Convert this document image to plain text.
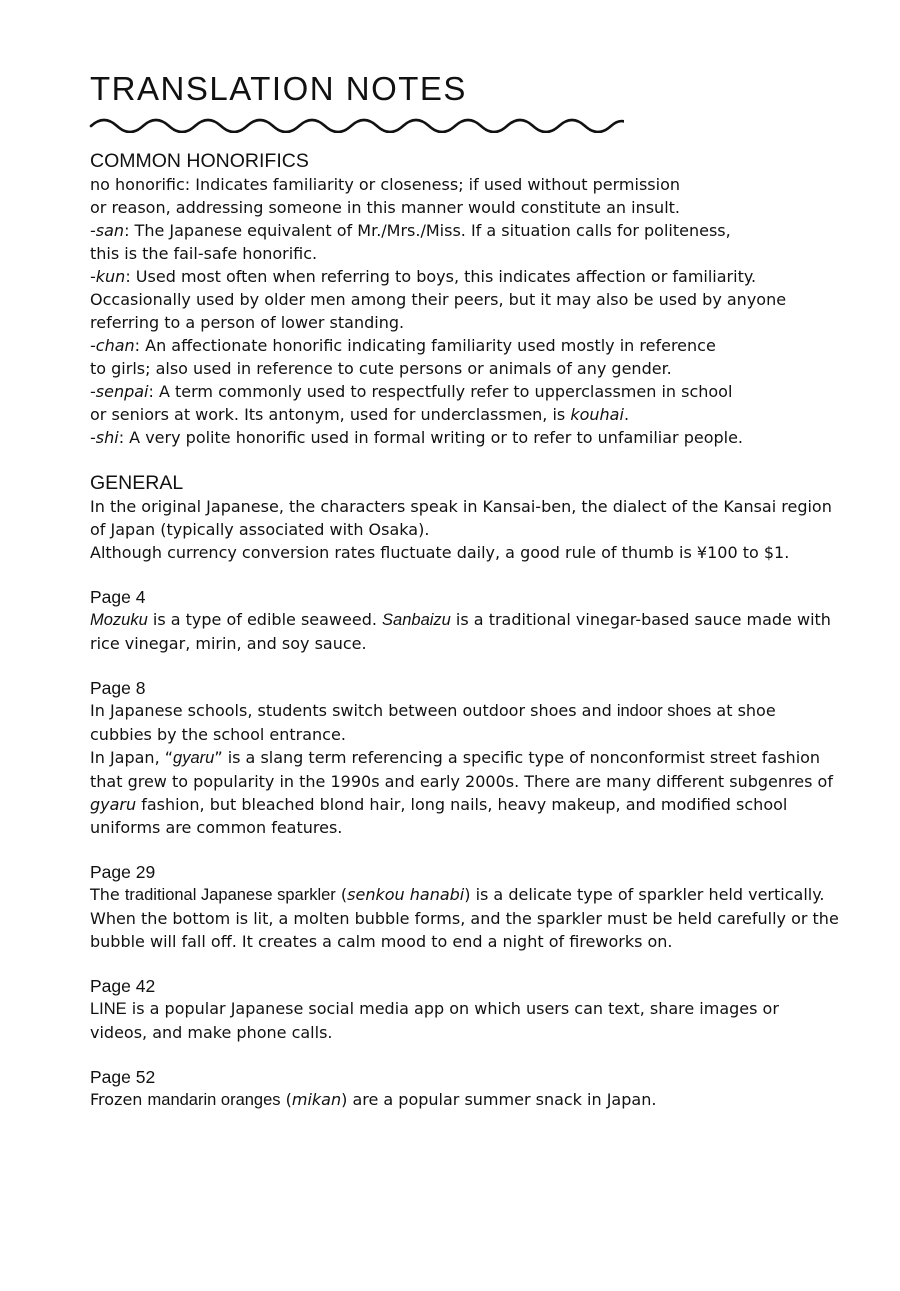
TRANSLATION NOTES
COMMON HONORIFICS

no honorific: Indicates familiarity or closeness; if used without permission

or reason, addressing someone in this manner would constitute an insult.

-san: The Japanese equivalent of Mr./Mrs./Miss. If a situation calls for politeness,

this is the fail-safe honorific.

-kun: Used most often when referring to boys, this indicates affection or familiarity.

Occasionally used by older men among their peers, but it may also be used by anyone

referring to a person of lower standing.

-chan: An affectionate honorific indicating familiarity used mostly in reference

to girls; also used in reference to cute persons or animals of any gender.

-senpai: A term commonly used to respectfully refer to upperclassmen in school

or seniors at work. Its antonym, used for underclassmen, is kouhai.

-shi: A very polite honorific used in formal writing or to refer to unfamiliar people.

GENERAL

In the original Japanese, the characters speak in Kansai-ben, the dialect of the Kansai region of Japan (typically associated with Osaka).

Although currency conversion rates fluctuate daily, a good rule of thumb is ¥100 to $1.

Page 4

Mozuku is a type of edible seaweed. Sanbaizu is a traditional vinegar-based sauce made with rice vinegar, mirin, and soy sauce.

Page 8

In Japanese schools, students switch between outdoor shoes and indoor shoes at shoe cubbies by the school entrance.

In Japan, “gyaru” is a slang term referencing a specific type of nonconformist street fashion that grew to popularity in the 1990s and early 2000s. There are many different subgenres of gyaru fashion, but bleached blond hair, long nails, heavy makeup, and modified school uniforms are common features.

Page 29

The traditional Japanese sparkler (senkou hanabi) is a delicate type of sparkler held vertically. When the bottom is lit, a molten bubble forms, and the sparkler must be held carefully or the bubble will fall off. It creates a calm mood to end a night of fireworks on.

Page 42

LINE is a popular Japanese social media app on which users can text, share images or videos, and make phone calls.

Page 52

Frozen mandarin oranges (mikan) are a popular summer snack in Japan.
